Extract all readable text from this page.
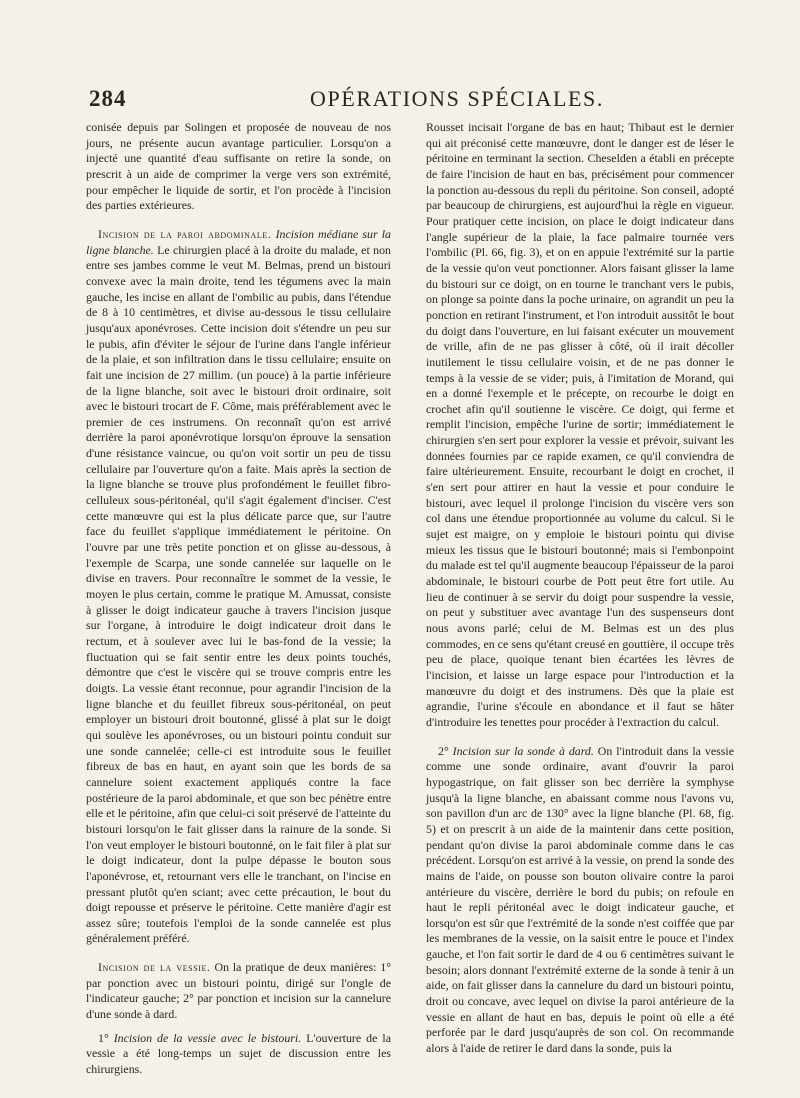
284	OPÉRATIONS SPÉCIALES.

conisée depuis par Solingen et proposée de nouveau de nos jours, ne présente aucun avantage particulier. Lorsqu'on a injecté une quantité d'eau suffisante on retire la sonde, on prescrit à un aide de comprimer la verge vers son extrémité, pour empêcher le liquide de sortir, et l'on procède à l'incision des parties extérieures.

Incision de la paroi abdominale. Incision médiane sur la ligne blanche. Le chirurgien placé à la droite du malade, et non entre ses jambes comme le veut M. Belmas, prend un bistouri convexe avec la main droite, tend les tégumens avec la main gauche, les incise en allant de l'ombilic au pubis, dans l'étendue de 8 à 10 centimètres, et divise au-dessous le tissu cellulaire jusqu'aux aponévroses. Cette incision doit s'étendre un peu sur le pubis, afin d'éviter le séjour de l'urine dans l'angle inférieur de la plaie, et son infiltration dans le tissu cellulaire; ensuite on fait une incision de 27 millim. (un pouce) à la partie inférieure de la ligne blanche, soit avec le bistouri droit ordinaire, soit avec le bistouri trocart de F. Côme, mais préférablement avec le premier de ces instrumens. On reconnaît qu'on est arrivé derrière la paroi aponévrotique lorsqu'on éprouve la sensation d'une résistance vaincue, ou qu'on voit sortir un peu de tissu cellulaire par l'ouverture qu'on a faite. Mais après la section de la ligne blanche se trouve plus profondément le feuillet fibro-celluleux sous-péritonéal, qu'il s'agit également d'inciser. C'est cette manœuvre qui est la plus délicate parce que, sur l'autre face du feuillet s'applique immédiatement le péritoine. On l'ouvre par une très petite ponction et on glisse au-dessous, à l'exemple de Scarpa, une sonde cannelée sur laquelle on le divise en travers. Pour reconnaître le sommet de la vessie, le moyen le plus certain, comme le pratique M. Amussat, consiste à glisser le doigt indicateur gauche à travers l'incision jusque sur l'organe, à introduire le doigt indicateur droit dans le rectum, et à soulever avec lui le bas-fond de la vessie; la fluctuation qui se fait sentir entre les deux points touchés, démontre que c'est le viscère qui se trouve compris entre les doigts. La vessie étant reconnue, pour agrandir l'incision de la ligne blanche et du feuillet fibreux sous-péritonéal, on peut employer un bistouri droit boutonné, glissé à plat sur le doigt qui soulève les aponévroses, ou un bistouri pointu conduit sur une sonde cannelée; celle-ci est introduite sous le feuillet fibreux de bas en haut, en ayant soin que les bords de sa cannelure soient exactement appliqués contre la face postérieure de la paroi abdominale, et que son bec pénètre entre elle et le péritoine, afin que celui-ci soit préservé de l'atteinte du bistouri lorsqu'on le fait glisser dans la rainure de la sonde. Si l'on veut employer le bistouri boutonné, on le fait filer à plat sur le doigt indicateur, dont la pulpe dépasse le bouton sous l'aponévrose, et, retournant vers elle le tranchant, on l'incise en pressant plutôt qu'en sciant; avec cette précaution, le bout du doigt repousse et préserve le péritoine. Cette manière d'agir est assez sûre; toutefois l'emploi de la sonde cannelée est plus généralement préféré.

Incision de la vessie. On la pratique de deux manières: 1° par ponction avec un bistouri pointu, dirigé sur l'ongle de l'indicateur gauche; 2° par ponction et incision sur la cannelure d'une sonde à dard.

1° Incision de la vessie avec le bistouri. L'ouverture de la vessie a été long-temps un sujet de discussion entre les chirurgiens.

Rousset incisait l'organe de bas en haut; Thibaut est le dernier qui ait préconisé cette manœuvre, dont le danger est de léser le péritoine en terminant la section. Cheselden a établi en précepte de faire l'incision de haut en bas, précisément pour commencer la ponction au-dessous du repli du péritoine. Son conseil, adopté par beaucoup de chirurgiens, est aujourd'hui la règle en vigueur. Pour pratiquer cette incision, on place le doigt indicateur dans l'angle supérieur de la plaie, la face palmaire tournée vers l'ombilic (Pl. 66, fig. 3), et on en appuie l'extrémité sur la partie de la vessie qu'on veut ponctionner. Alors faisant glisser la lame du bistouri sur ce doigt, on en tourne le tranchant vers le pubis, on plonge sa pointe dans la poche urinaire, on agrandit un peu la ponction en retirant l'instrument, et l'on introduit aussitôt le bout du doigt dans l'ouverture, en lui faisant exécuter un mouvement de vrille, afin de ne pas glisser à côté, où il irait décoller inutilement le tissu cellulaire voisin, et de ne pas donner le temps à la vessie de se vider; puis, à l'imitation de Morand, qui en a donné l'exemple et le précepte, on recourbe le doigt en crochet afin qu'il soutienne le viscère. Ce doigt, qui ferme et remplit l'incision, empêche l'urine de sortir; immédiatement le chirurgien s'en sert pour explorer la vessie et prévoir, suivant les données fournies par ce rapide examen, ce qu'il conviendra de faire ultérieurement. Ensuite, recourbant le doigt en crochet, il s'en sert pour attirer en haut la vessie et pour conduire le bistouri, avec lequel il prolonge l'incision du viscère vers son col dans une étendue proportionnée au volume du calcul. Si le sujet est maigre, on y emploie le bistouri pointu qui divise mieux les tissus que le bistouri boutonné; mais si l'embonpoint du malade est tel qu'il augmente beaucoup l'épaisseur de la paroi abdominale, le bistouri courbe de Pott peut être fort utile. Au lieu de continuer à se servir du doigt pour suspendre la vessie, on peut y substituer avec avantage l'un des suspenseurs dont nous avons parlé; celui de M. Belmas est un des plus commodes, en ce sens qu'étant creusé en gouttière, il occupe très peu de place, quoique tenant bien écartées les lèvres de l'incision, et laisse un large espace pour l'introduction et la manœuvre du doigt et des instrumens. Dès que la plaie est agrandie, l'urine s'écoule en abondance et il faut se hâter d'introduire les tenettes pour procéder à l'extraction du calcul.

2° Incision sur la sonde à dard. On l'introduit dans la vessie comme une sonde ordinaire, avant d'ouvrir la paroi hypogastrique, on fait glisser son bec derrière la symphyse jusqu'à la ligne blanche, en abaissant comme nous l'avons vu, son pavillon d'un arc de 130° avec la ligne blanche (Pl. 68, fig. 5) et on prescrit à un aide de la maintenir dans cette position, pendant qu'on divise la paroi abdominale comme dans le cas précédent. Lorsqu'on est arrivé à la vessie, on prend la sonde des mains de l'aide, on pousse son bouton olivaire contre la paroi antérieure du viscère, derrière le bord du pubis; on refoule en haut le repli péritonéal avec le doigt indicateur gauche, et lorsqu'on est sûr que l'extrémité de la sonde n'est coiffée que par les membranes de la vessie, on la saisit entre le pouce et l'index gauche, et l'on fait sortir le dard de 4 ou 6 centimètres suivant le besoin; alors donnant l'extrémité externe de la sonde à tenir à un aide, on fait glisser dans la cannelure du dard un bistouri pointu, droit ou concave, avec lequel on divise la paroi antérieure de la vessie en allant de haut en bas, depuis le point où elle a été perforée par le dard jusqu'auprès de son col. On recommande alors à l'aide de retirer le dard dans la sonde, puis la
